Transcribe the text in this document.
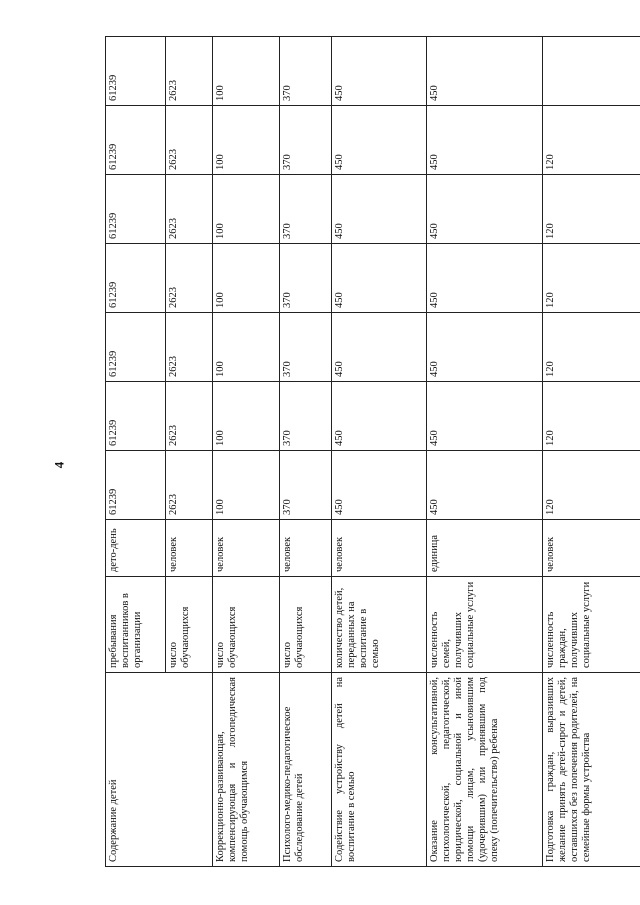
4
Содержание детей	пребывания воспитанников в организации	дето-день	61239	61239	61239	61239	61239	61239	61239
	число обучающихся	человек	2623	2623	2623	2623	2623	2623	2623
Коррекционно-развивающая, компенсирующая и логопедическая помощь обучающимся	число обучающихся	человек	100	100	100	100	100	100	100
Психолого-медико-педагогическое обследование детей	число обучающихся	человек	370	370	370	370	370	370	370
Содействие устройству детей на воспитание в семью	количество детей, переданных на воспитание в семью	человек	450	450	450	450	450	450	450
Оказание консультативной, психологической, педагогической, юридической, социальной и иной помощи лицам, усыновившим (удочерившим) или принявшим под опеку (попечительство) ребенка	численность семей, получивших социальные услуги	единица	450	450	450	450	450	450	450
Подготовка граждан, выразивших желание принять детей-сирот и детей, оставшихся без попечения родителей, на семейные формы устройства	численность граждан, получивших социальные услуги	человек	120	120	120	120	120	120	
